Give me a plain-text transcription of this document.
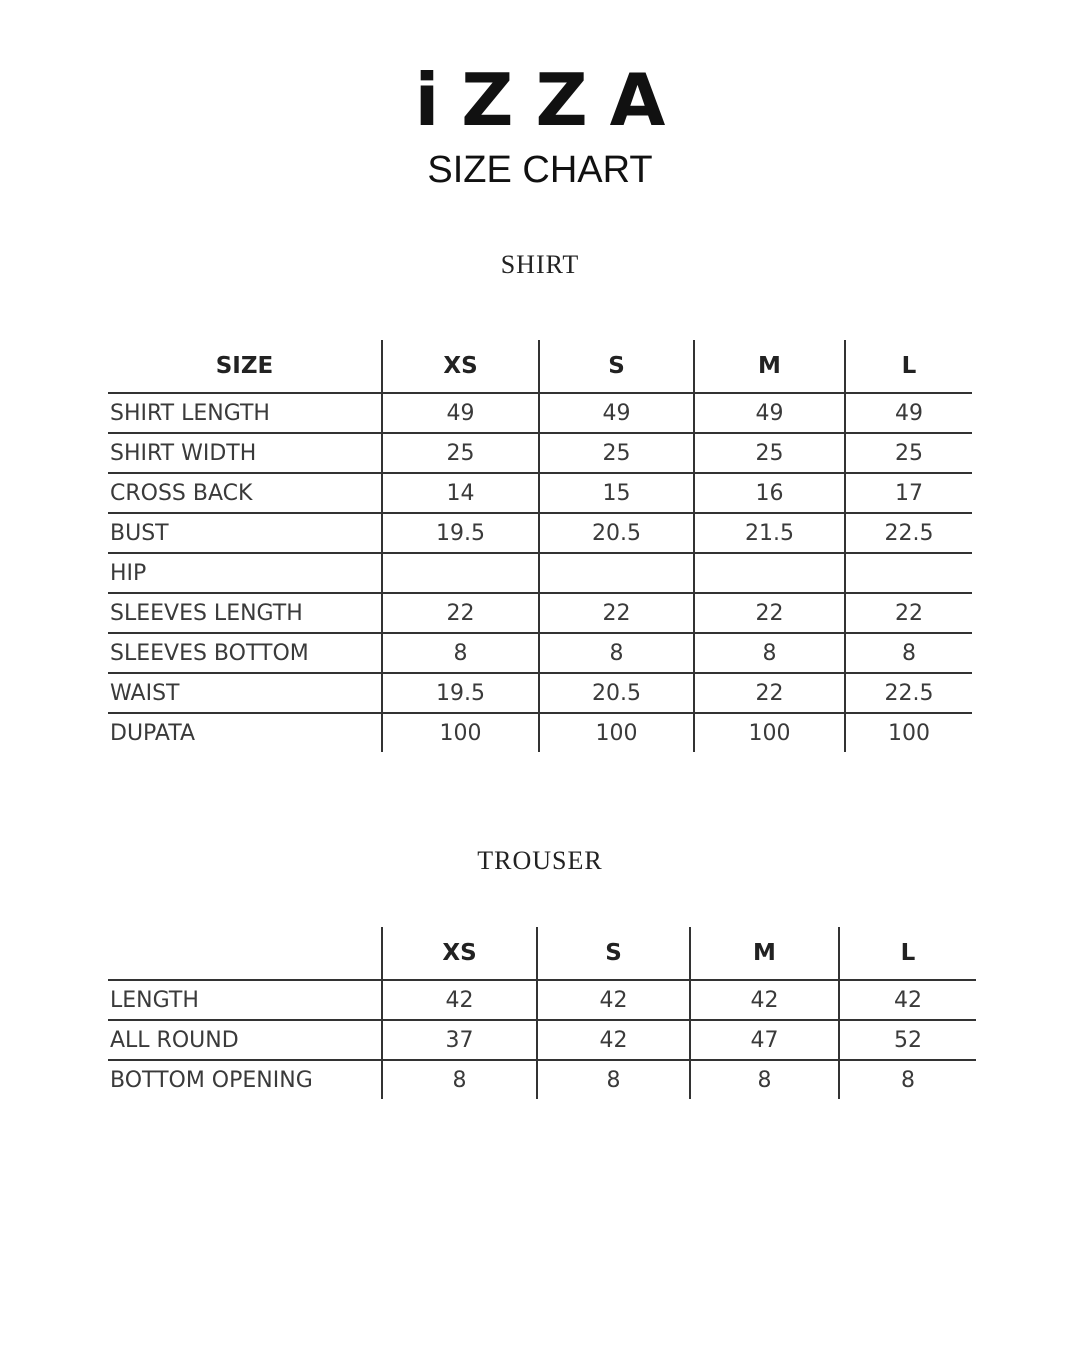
iZZA
SIZE CHART
SHIRT
SIZE	XS	S	M	L
SHIRT LENGTH	49	49	49	49
SHIRT WIDTH	25	25	25	25
CROSS BACK	14	15	16	17
BUST	19.5	20.5	21.5	22.5
HIP				
SLEEVES LENGTH	22	22	22	22
SLEEVES BOTTOM	8	8	8	8
WAIST	19.5	20.5	22	22.5
DUPATA	100	100	100	100
TROUSER
	XS	S	M	L
LENGTH	42	42	42	42
ALL ROUND	37	42	47	52
BOTTOM OPENING	8	8	8	8
